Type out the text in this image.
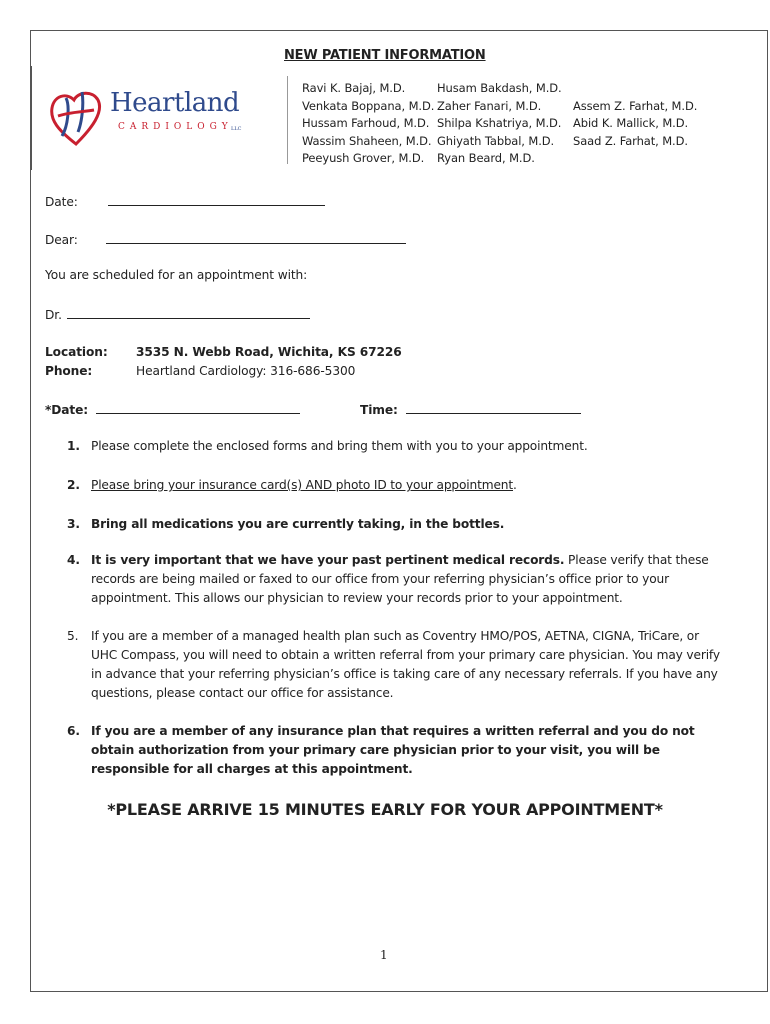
NEW PATIENT INFORMATION
Heartland
CARDIOLOGY
LLC
Ravi K. Bajaj, M.D.
Venkata Boppana, M.D.
Hussam Farhoud, M.D.
Wassim Shaheen, M.D.
Peeyush Grover, M.D.
Husam Bakdash, M.D.
Zaher Fanari, M.D.
Shilpa Kshatriya, M.D.
Ghiyath Tabbal, M.D.
Ryan Beard, M.D.
Assem Z. Farhat, M.D.
Abid K. Mallick, M.D.
Saad Z. Farhat, M.D.
Date:
Dear:
You are scheduled for an appointment with:
Dr.
Location: 3535 N. Webb Road, Wichita, KS 67226
Phone:	Heartland Cardiology: 316-686-5300
*Date:	Time:
1. Please complete the enclosed forms and bring them with you to your appointment.
2. Please bring your insurance card(s) AND photo ID to your appointment.
3. Bring all medications you are currently taking, in the bottles.
4. It is very important that we have your past pertinent medical records. Please verify that these records are being mailed or faxed to our office from your referring physician’s office prior to your appointment. This allows our physician to review your records prior to your appointment.
5. If you are a member of a managed health plan such as Coventry HMO/POS, AETNA, CIGNA, TriCare, or UHC Compass, you will need to obtain a written referral from your primary care physician. You may verify in advance that your referring physician’s office is taking care of any necessary referrals. If you have any questions, please contact our office for assistance.
6. If you are a member of any insurance plan that requires a written referral and you do not obtain authorization from your primary care physician prior to your visit, you will be responsible for all charges at this appointment.
*PLEASE ARRIVE 15 MINUTES EARLY FOR YOUR APPOINTMENT*
1
